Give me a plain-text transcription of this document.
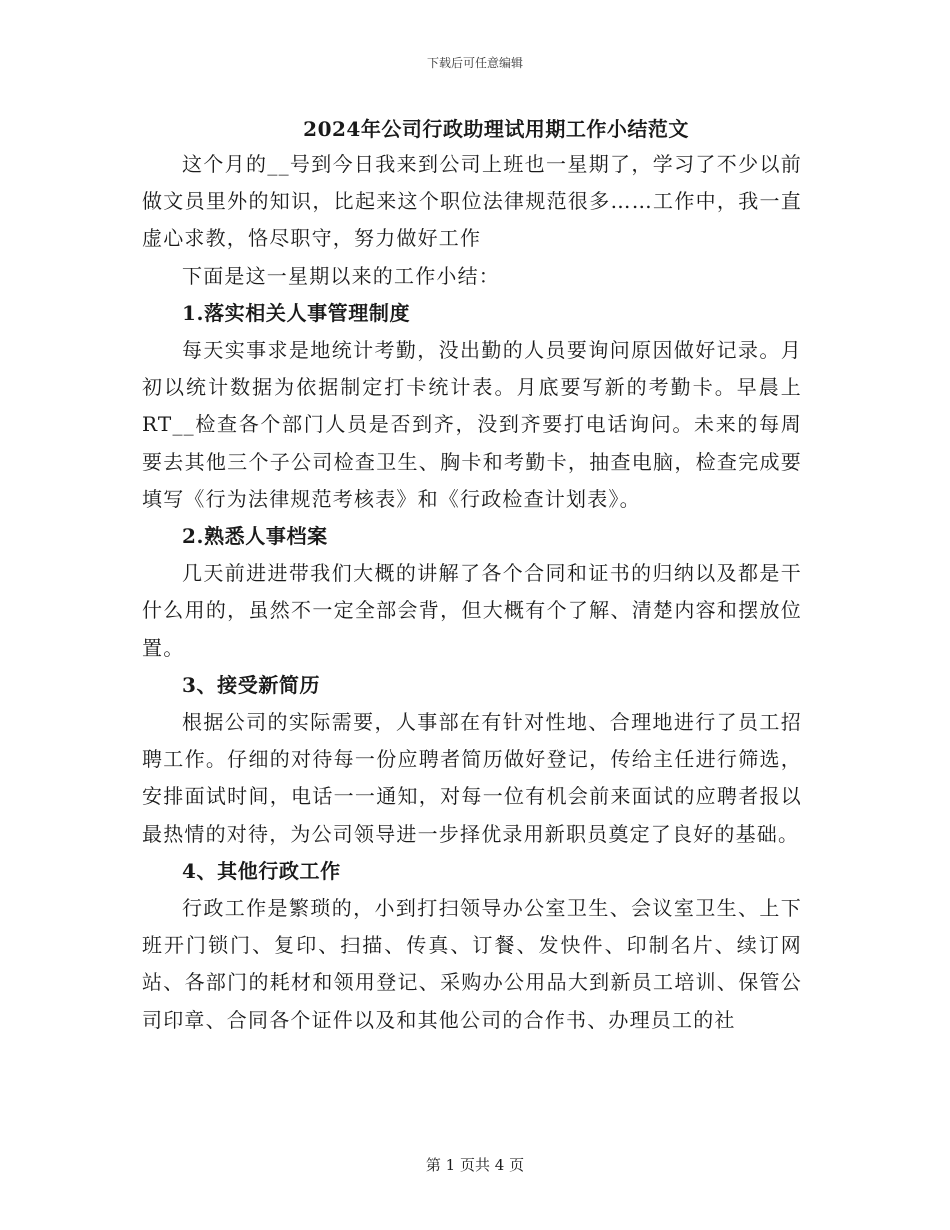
下载后可任意编辑
2024年公司行政助理试用期工作小结范文

这个月的__号到今日我来到公司上班也一星期了，学习了不少以前做文员里外的知识，比起来这个职位法律规范很多……工作中，我一直虚心求教，恪尽职守，努力做好工作

下面是这一星期以来的工作小结：

1.落实相关人事管理制度

每天实事求是地统计考勤，没出勤的人员要询问原因做好记录。月初以统计数据为依据制定打卡统计表。月底要写新的考勤卡。早晨上RT__检查各个部门人员是否到齐，没到齐要打电话询问。未来的每周要去其他三个子公司检查卫生、胸卡和考勤卡，抽查电脑，检查完成要填写《行为法律规范考核表》和《行政检查计划表》。

2.熟悉人事档案

几天前进进带我们大概的讲解了各个合同和证书的归纳以及都是干什么用的，虽然不一定全部会背，但大概有个了解、清楚内容和摆放位置。

3、接受新简历

根据公司的实际需要，人事部在有针对性地、合理地进行了员工招聘工作。仔细的对待每一份应聘者简历做好登记，传给主任进行筛选，安排面试时间，电话一一通知，对每一位有机会前来面试的应聘者报以最热情的对待，为公司领导进一步择优录用新职员奠定了良好的基础。

4、其他行政工作

行政工作是繁琐的，小到打扫领导办公室卫生、会议室卫生、上下班开门锁门、复印、扫描、传真、订餐、发快件、印制名片、续订网站、各部门的耗材和领用登记、采购办公用品大到新员工培训、保管公司印章、合同各个证件以及和其他公司的合作书、办理员工的社

第 1 页共 4 页
